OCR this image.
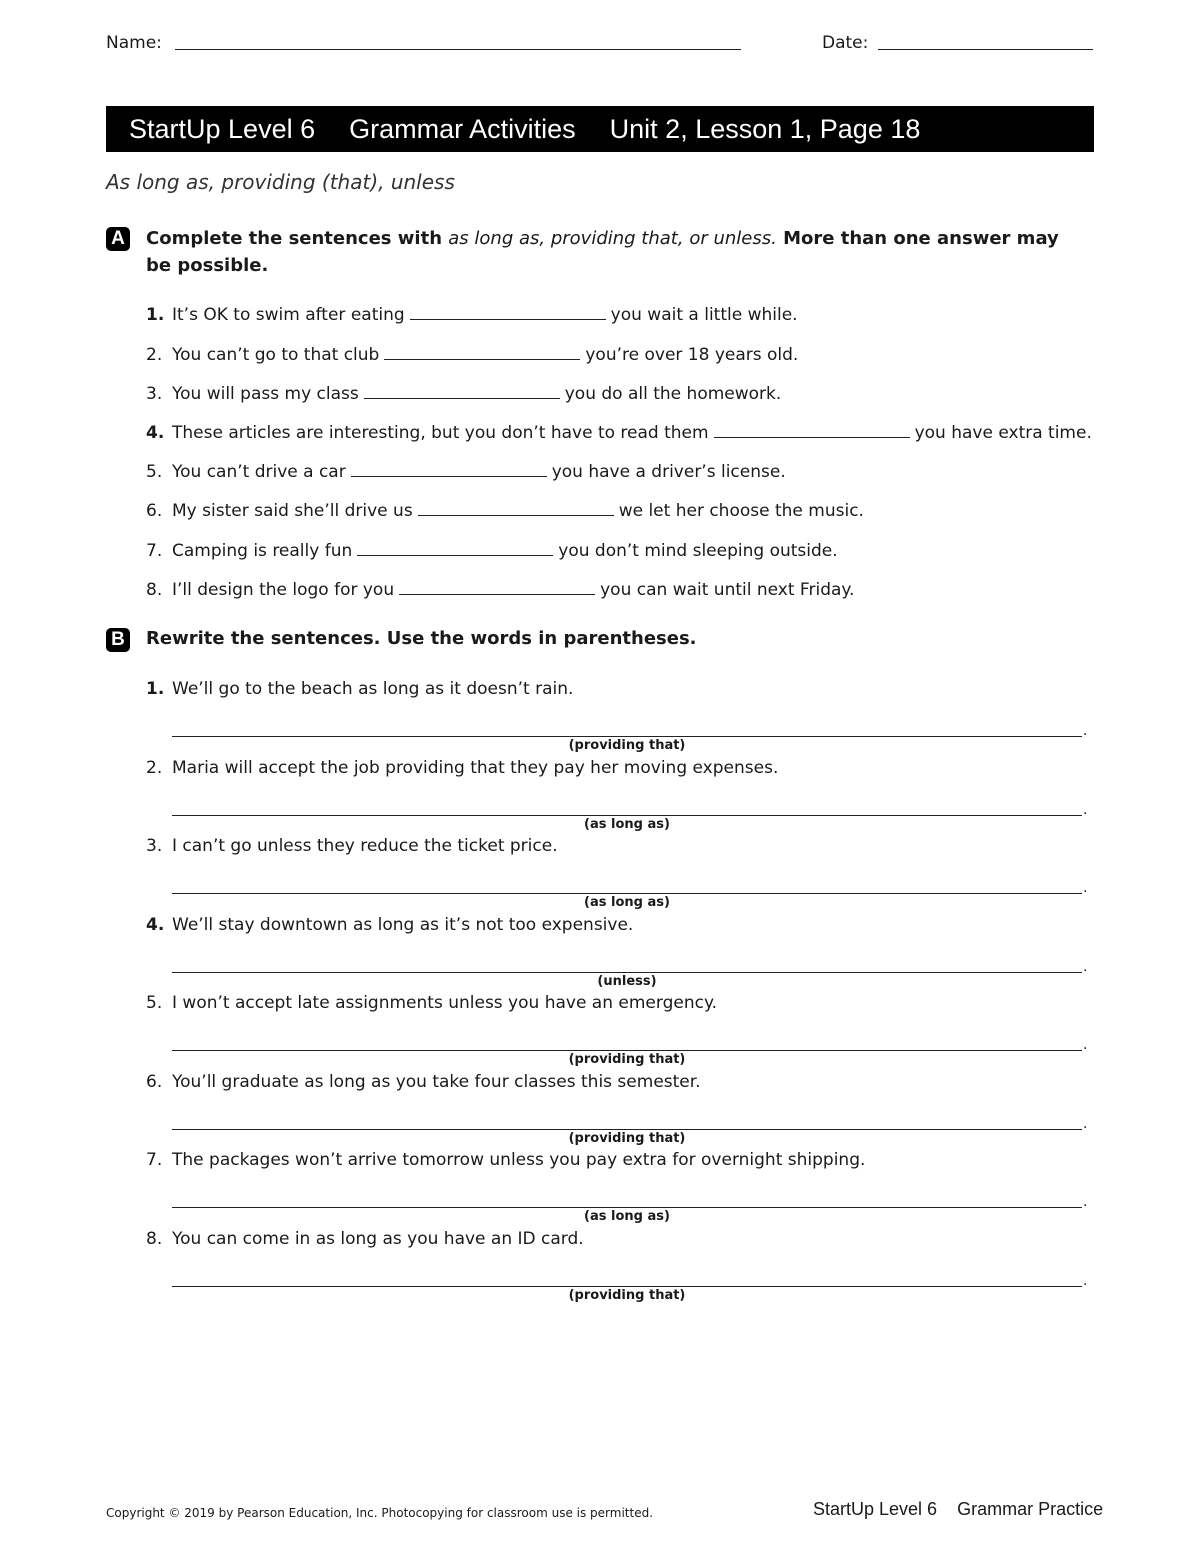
Name:	Date:
StartUp Level 6 Grammar Activities Unit 2, Lesson 1, Page 18
As long as, providing (that), unless
A Complete the sentences with as long as, providing that, or unless. More than one answer may
be possible.
1. It’s OK to swim after eating	you wait a little while.
2. You can’t go to that club	you’re over 18 years old.
3. You will pass my class	you do all the homework.
4. These articles are interesting, but you don’t have to read them	you have extra time.
5. You can’t drive a car	you have a driver’s license.
6. My sister said she’ll drive us	we let her choose the music.
7. Camping is really fun	you don’t mind sleeping outside.
8. I’ll design the logo for you	you can wait until next Friday.
B Rewrite the sentences. Use the words in parentheses.
1. We’ll go to the beach as long as it doesn’t rain.
.
(providing that)
2. Maria will accept the job providing that they pay her moving expenses.
.
(as long as)
3. I can’t go unless they reduce the ticket price.
.
(as long as)
4. We’ll stay downtown as long as it’s not too expensive.
.
(unless)
5. I won’t accept late assignments unless you have an emergency.
.
(providing that)
6. You’ll graduate as long as you take four classes this semester.
.
(providing that)
7. The packages won’t arrive tomorrow unless you pay extra for overnight shipping.
.
(as long as)
8. You can come in as long as you have an ID card.
.
(providing that)
Copyright © 2019 by Pearson Education, Inc. Photocopying for classroom use is permitted.	StartUp Level 6 Grammar Practice
